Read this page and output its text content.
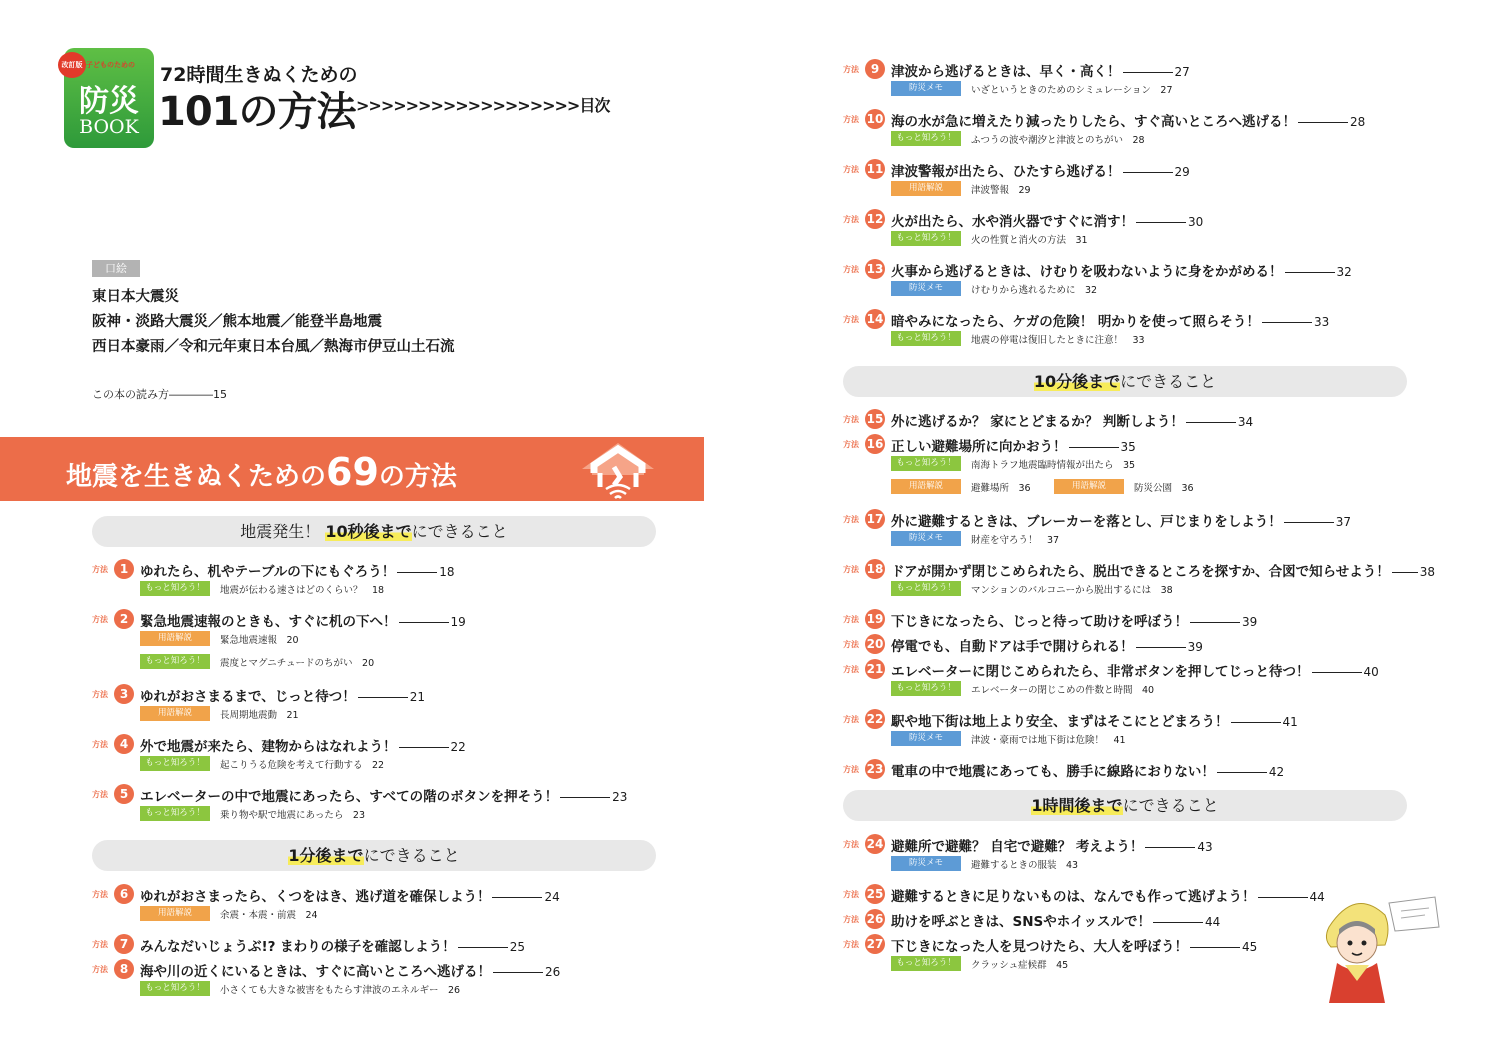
改訂版 子どものための
防災
BOOK
72時間生きぬくための
101の方法 >>>>>>>>>>>>>>>>>>目次
口絵
東日本大震災
阪神・淡路大震災／熊本地震／能登半島地震
西日本豪雨／令和元年東日本台風／熱海市伊豆山土石流
この本の読み方――――15
地震を生きぬくための69の方法
地震発生！ 10秒後までにできること
方法 1 ゆれたら、机やテーブルの下にもぐろう！	18
もっと知ろう！	地震が伝わる速さはどのくらい？　18
方法 2 緊急地震速報のときも、すぐに机の下へ！	19
用語解説	緊急地震速報　20
もっと知ろう！	震度とマグニチュードのちがい　20
方法 3 ゆれがおさまるまで、じっと待つ！	21
用語解説	長周期地震動　21
方法 4 外で地震が来たら、建物からはなれよう！	22
もっと知ろう！	起こりうる危険を考えて行動する　22
方法 5 エレベーターの中で地震にあったら、すべての階のボタンを押そう！	23
もっと知ろう！	乗り物や駅で地震にあったら　23
1分後までにできること
方法 6 ゆれがおさまったら、くつをはき、逃げ道を確保しよう！	24
用語解説	余震・本震・前震　24
方法 7 みんなだいじょうぶ!? まわりの様子を確認しよう！	25
方法 8 海や川の近くにいるときは、すぐに高いところへ逃げる！	26
もっと知ろう！	小さくても大きな被害をもたらす津波のエネルギー　26
方法 9 津波から逃げるときは、早く・高く！	27
防災メモ	いざというときのためのシミュレーション　27
方法 10 海の水が急に増えたり減ったりしたら、すぐ高いところへ逃げる！	28
もっと知ろう！	ふつうの波や潮汐と津波とのちがい　28
方法 11 津波警報が出たら、ひたすら逃げる！	29
用語解説	津波警報　29
方法 12 火が出たら、水や消火器ですぐに消す！	30
もっと知ろう！	火の性質と消火の方法　31
方法 13 火事から逃げるときは、けむりを吸わないように身をかがめる！	32
防災メモ	けむりから逃れるために　32
方法 14 暗やみになったら、ケガの危険！ 明かりを使って照らそう！	33
もっと知ろう！	地震の停電は復旧したときに注意！　33
10分後までにできること
方法 15 外に逃げるか？ 家にとどまるか？ 判断しよう！	34
方法 16 正しい避難場所に向かおう！	35
もっと知ろう！	南海トラフ地震臨時情報が出たら　35
用語解説	避難場所　36	用語解説	防災公園　36
方法 17 外に避難するときは、ブレーカーを落とし、戸じまりをしよう！	37
防災メモ	財産を守ろう！　37
方法 18 ドアが開かず閉じこめられたら、脱出できるところを探すか、合図で知らせよう！	38
もっと知ろう！	マンションのバルコニーから脱出するには　38
方法 19 下じきになったら、じっと待って助けを呼ぼう！	39
方法 20 停電でも、自動ドアは手で開けられる！	39
方法 21 エレベーターに閉じこめられたら、非常ボタンを押してじっと待つ！	40
もっと知ろう！	エレベーターの閉じこめの件数と時間　40
方法 22 駅や地下街は地上より安全、まずはそこにとどまろう！	41
防災メモ	津波・豪雨では地下街は危険！　41
方法 23 電車の中で地震にあっても、勝手に線路におりない！	42
1時間後までにできること
方法 24 避難所で避難？ 自宅で避難？ 考えよう！	43
防災メモ	避難するときの服装　43
方法 25 避難するときに足りないものは、なんでも作って逃げよう！	44
方法 26 助けを呼ぶときは、SNSやホイッスルで！	44
方法 27 下じきになった人を見つけたら、大人を呼ぼう！	45
もっと知ろう！	クラッシュ症候群　45
